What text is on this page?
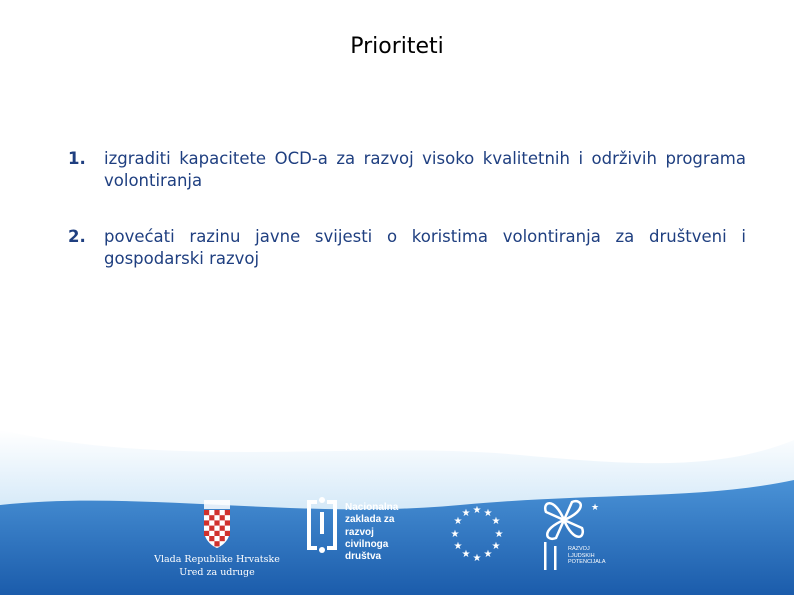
Prioriteti
1. izgraditi kapacitete OCD-a za razvoj visoko kvalitetnih i održivih programa volontiranja
2. povećati razinu javne svijesti o koristima volontiranja za društveni i gospodarski razvoj
Vlada Republike Hrvatske
Ured za udruge
Nacionalna
zaklada za
razvoj
civilnoga
društva
★ ★
★
★
★
★
★
★
★
★
★
★	★
RAZVOJ
LJUDSKIH
POTENCIJALA
